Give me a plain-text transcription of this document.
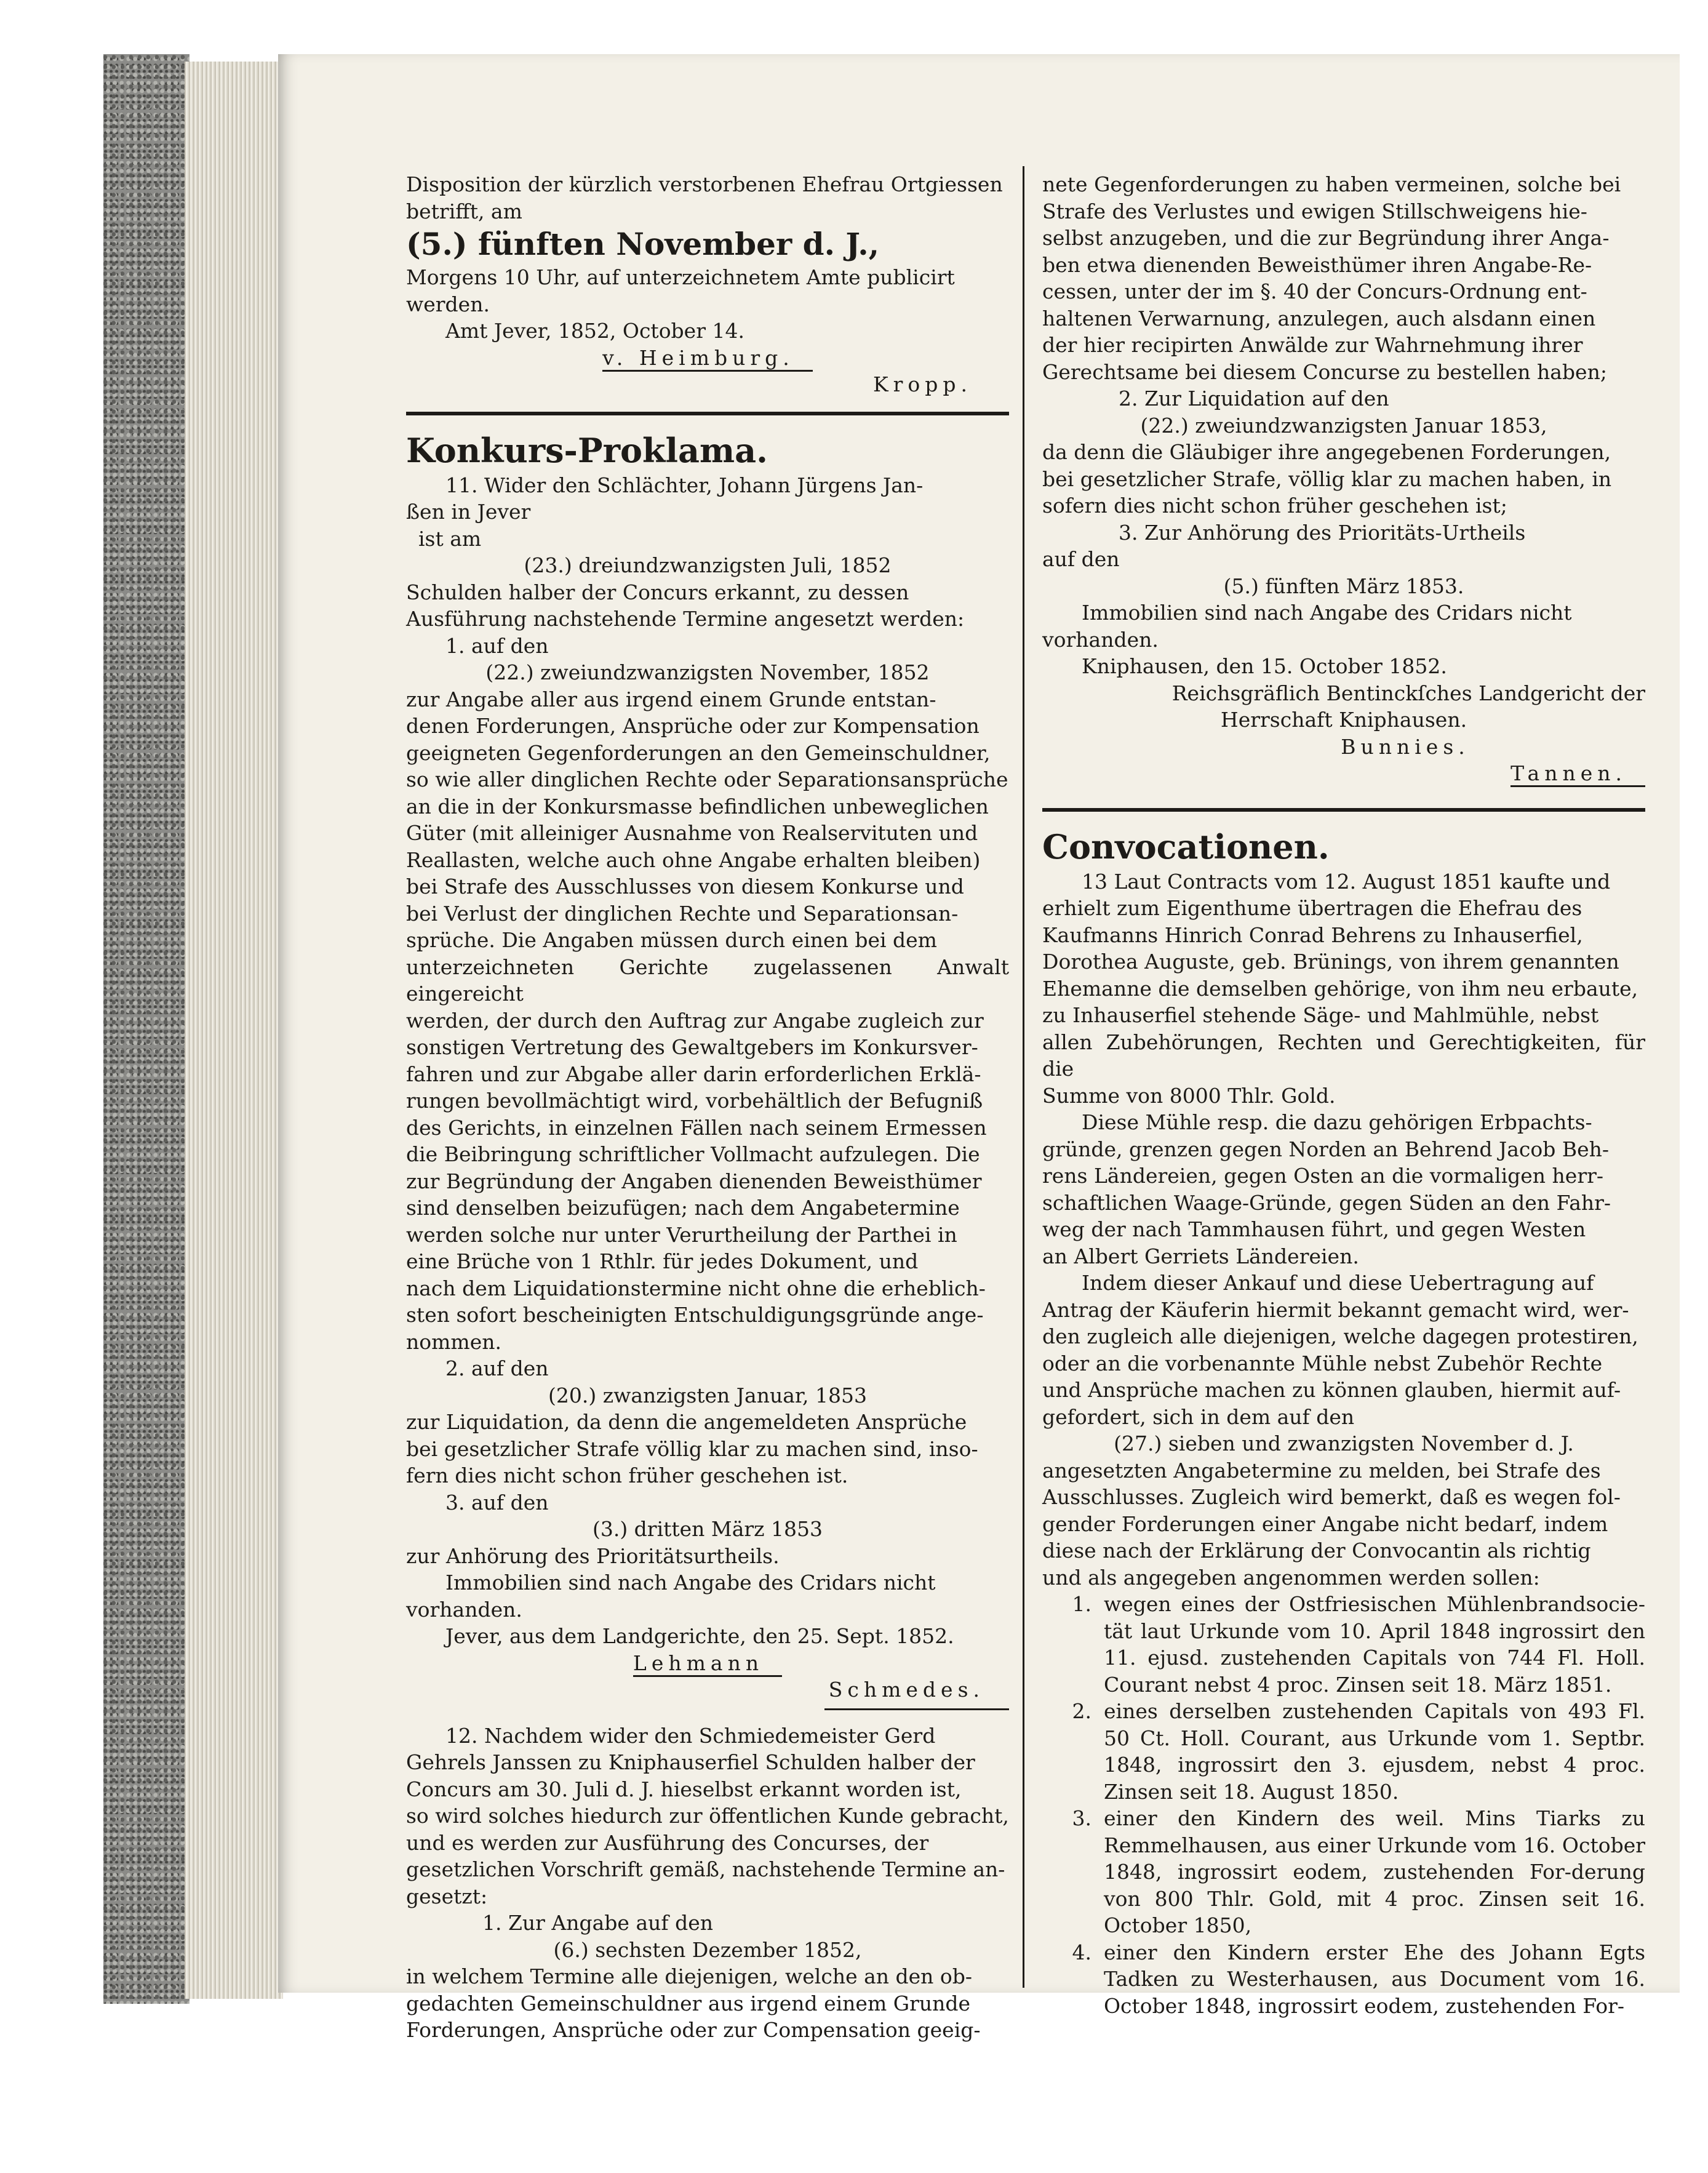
Disposition der kürzlich verstorbenen Ehefrau Ortgiessen

betrifft, am

(5.) fünften November d. J.,

Morgens 10 Uhr, auf unterzeichnetem Amte publicirt

werden.

Amt Jever, 1852, October 14.

v. Heimburg.

Kropp.

Konkurs-Proklama.

11. Wider den Schlächter, Johann Jürgens Jan-

ßen in Jever

ist am

(23.) dreiundzwanzigsten Juli, 1852

Schulden halber der Concurs erkannt, zu dessen

Ausführung nachstehende Termine angesetzt werden:

1. auf den

(22.) zweiundzwanzigsten November, 1852

zur Angabe aller aus irgend einem Grunde entstan-

denen Forderungen, Ansprüche oder zur Kompensation

geeigneten Gegenforderungen an den Gemeinschuldner,

so wie aller dinglichen Rechte oder Separationsansprüche

an die in der Konkursmasse befindlichen unbeweglichen

Güter (mit alleiniger Ausnahme von Realservituten und

Reallasten, welche auch ohne Angabe erhalten bleiben)

bei Strafe des Ausschlusses von diesem Konkurse und

bei Verlust der dinglichen Rechte und Separationsan-

sprüche. Die Angaben müssen durch einen bei dem

unterzeichneten Gerichte zugelassenen Anwalt eingereicht

werden, der durch den Auftrag zur Angabe zugleich zur

sonstigen Vertretung des Gewaltgebers im Konkursver-

fahren und zur Abgabe aller darin erforderlichen Erklä-

rungen bevollmächtigt wird, vorbehältlich der Befugniß

des Gerichts, in einzelnen Fällen nach seinem Ermessen

die Beibringung schriftlicher Vollmacht aufzulegen. Die

zur Begründung der Angaben dienenden Beweisthümer

sind denselben beizufügen; nach dem Angabetermine

werden solche nur unter Verurtheilung der Parthei in

eine Brüche von 1 Rthlr. für jedes Dokument, und

nach dem Liquidationstermine nicht ohne die erheblich-

sten sofort bescheinigten Entschuldigungsgründe ange-

nommen.

2. auf den

(20.) zwanzigsten Januar, 1853

zur Liquidation, da denn die angemeldeten Ansprüche

bei gesetzlicher Strafe völlig klar zu machen sind, inso-

fern dies nicht schon früher geschehen ist.

3. auf den

(3.) dritten März 1853

zur Anhörung des Prioritätsurtheils.

Immobilien sind nach Angabe des Cridars nicht

vorhanden.

Jever, aus dem Landgerichte, den 25. Sept. 1852.

Lehmann

Schmedes.

12. Nachdem wider den Schmiedemeister Gerd

Gehrels Janssen zu Kniphauserfiel Schulden halber der

Concurs am 30. Juli d. J. hieselbst erkannt worden ist,

so wird solches hiedurch zur öffentlichen Kunde gebracht,

und es werden zur Ausführung des Concurses, der

gesetzlichen Vorschrift gemäß, nachstehende Termine an-

gesetzt:

1. Zur Angabe auf den

(6.) sechsten Dezember 1852,

in welchem Termine alle diejenigen, welche an den ob-

gedachten Gemeinschuldner aus irgend einem Grunde

Forderungen, Ansprüche oder zur Compensation geeig-

nete Gegenforderungen zu haben vermeinen, solche bei

Strafe des Verlustes und ewigen Stillschweigens hie-

selbst anzugeben, und die zur Begründung ihrer Anga-

ben etwa dienenden Beweisthümer ihren Angabe-Re-

cessen, unter der im §. 40 der Concurs-Ordnung ent-

haltenen Verwarnung, anzulegen, auch alsdann einen

der hier recipirten Anwälde zur Wahrnehmung ihrer

Gerechtsame bei diesem Concurse zu bestellen haben;

2. Zur Liquidation auf den

(22.) zweiundzwanzigsten Januar 1853,

da denn die Gläubiger ihre angegebenen Forderungen,

bei gesetzlicher Strafe, völlig klar zu machen haben, in

sofern dies nicht schon früher geschehen ist;

3. Zur Anhörung des Prioritäts-Urtheils

auf den

(5.) fünften März 1853.

Immobilien sind nach Angabe des Cridars nicht

vorhanden.

Kniphausen, den 15. October 1852.

Reichsgräflich Bentinckſches Landgericht der

Herrschaft Kniphausen.

Bunnies.

Tannen.

Convocationen.

13 Laut Contracts vom 12. August 1851 kaufte und

erhielt zum Eigenthume übertragen die Ehefrau des

Kaufmanns Hinrich Conrad Behrens zu Inhauserfiel,

Dorothea Auguste, geb. Brünings, von ihrem genannten

Ehemanne die demselben gehörige, von ihm neu erbaute,

zu Inhauserfiel stehende Säge- und Mahlmühle, nebst

allen Zubehörungen, Rechten und Gerechtigkeiten, für die

Summe von 8000 Thlr. Gold.

Diese Mühle resp. die dazu gehörigen Erbpachts-

gründe, grenzen gegen Norden an Behrend Jacob Beh-

rens Ländereien, gegen Osten an die vormaligen herr-

schaftlichen Waage-Gründe, gegen Süden an den Fahr-

weg der nach Tammhausen führt, und gegen Westen

an Albert Gerriets Ländereien.

Indem dieser Ankauf und diese Uebertragung auf

Antrag der Käuferin hiermit bekannt gemacht wird, wer-

den zugleich alle diejenigen, welche dagegen protestiren,

oder an die vorbenannte Mühle nebst Zubehör Rechte

und Ansprüche machen zu können glauben, hiermit auf-

gefordert, sich in dem auf den

(27.) sieben und zwanzigsten November d. J.

angesetzten Angabetermine zu melden, bei Strafe des

Ausschlusses. Zugleich wird bemerkt, daß es wegen fol-

gender Forderungen einer Angabe nicht bedarf, indem

diese nach der Erklärung der Convocantin als richtig

und als angegeben angenommen werden sollen:

1. wegen eines der Ostfriesischen Mühlenbrandsocie-tät laut Urkunde vom 10. April 1848 ingrossirt den 11. ejusd. zustehenden Capitals von 744 Fl. Holl. Courant nebst 4 proc. Zinsen seit 18. März 1851.
2. eines derselben zustehenden Capitals von 493 Fl. 50 Ct. Holl. Courant, aus Urkunde vom 1. Septbr. 1848, ingrossirt den 3. ejusdem, nebst 4 proc. Zinsen seit 18. August 1850.
3. einer den Kindern des weil. Mins Tiarks zu Remmelhausen, aus einer Urkunde vom 16. October 1848, ingrossirt eodem, zustehenden For-derung von 800 Thlr. Gold, mit 4 proc. Zinsen seit 16. October 1850,
4. einer den Kindern erster Ehe des Johann Egts Tadken zu Westerhausen, aus Document vom 16. October 1848, ingrossirt eodem, zustehenden For-
